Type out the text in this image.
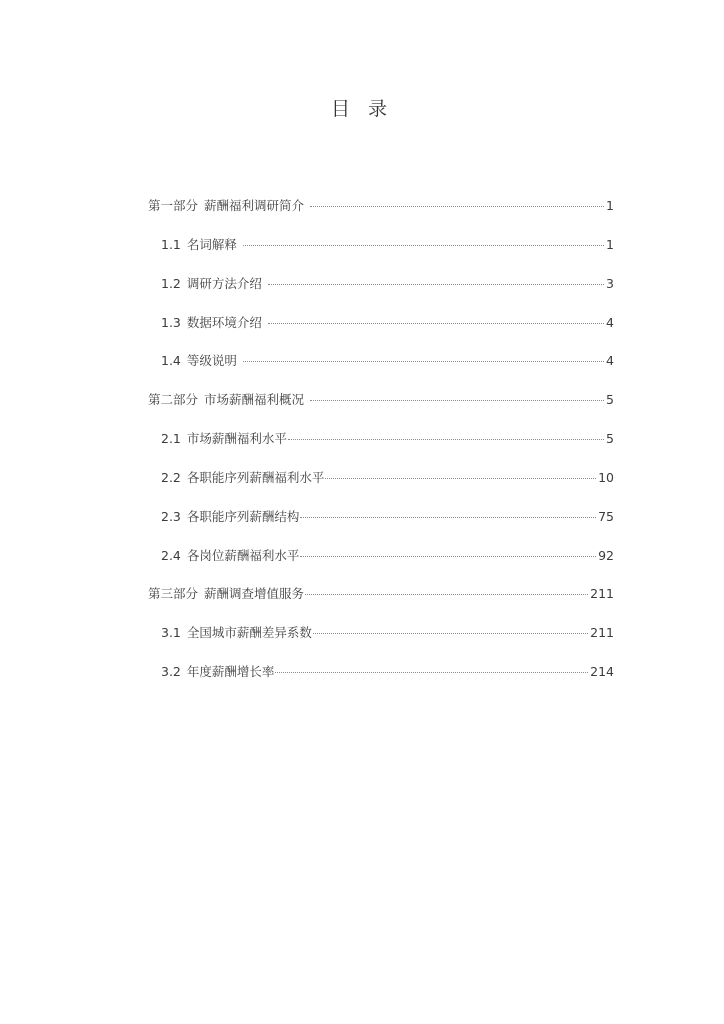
目 录
第一部分 薪酬福利调研简介	1
1.1 名词解释	1
1.2 调研方法介绍	3
1.3 数据环境介绍	4
1.4 等级说明	4
第二部分 市场薪酬福利概况	5
2.1 市场薪酬福利水平	5
2.2 各职能序列薪酬福利水平	10
2.3 各职能序列薪酬结构	75
2.4 各岗位薪酬福利水平	92
第三部分 薪酬调查增值服务	211
3.1 全国城市薪酬差异系数	211
3.2 年度薪酬增长率	214
